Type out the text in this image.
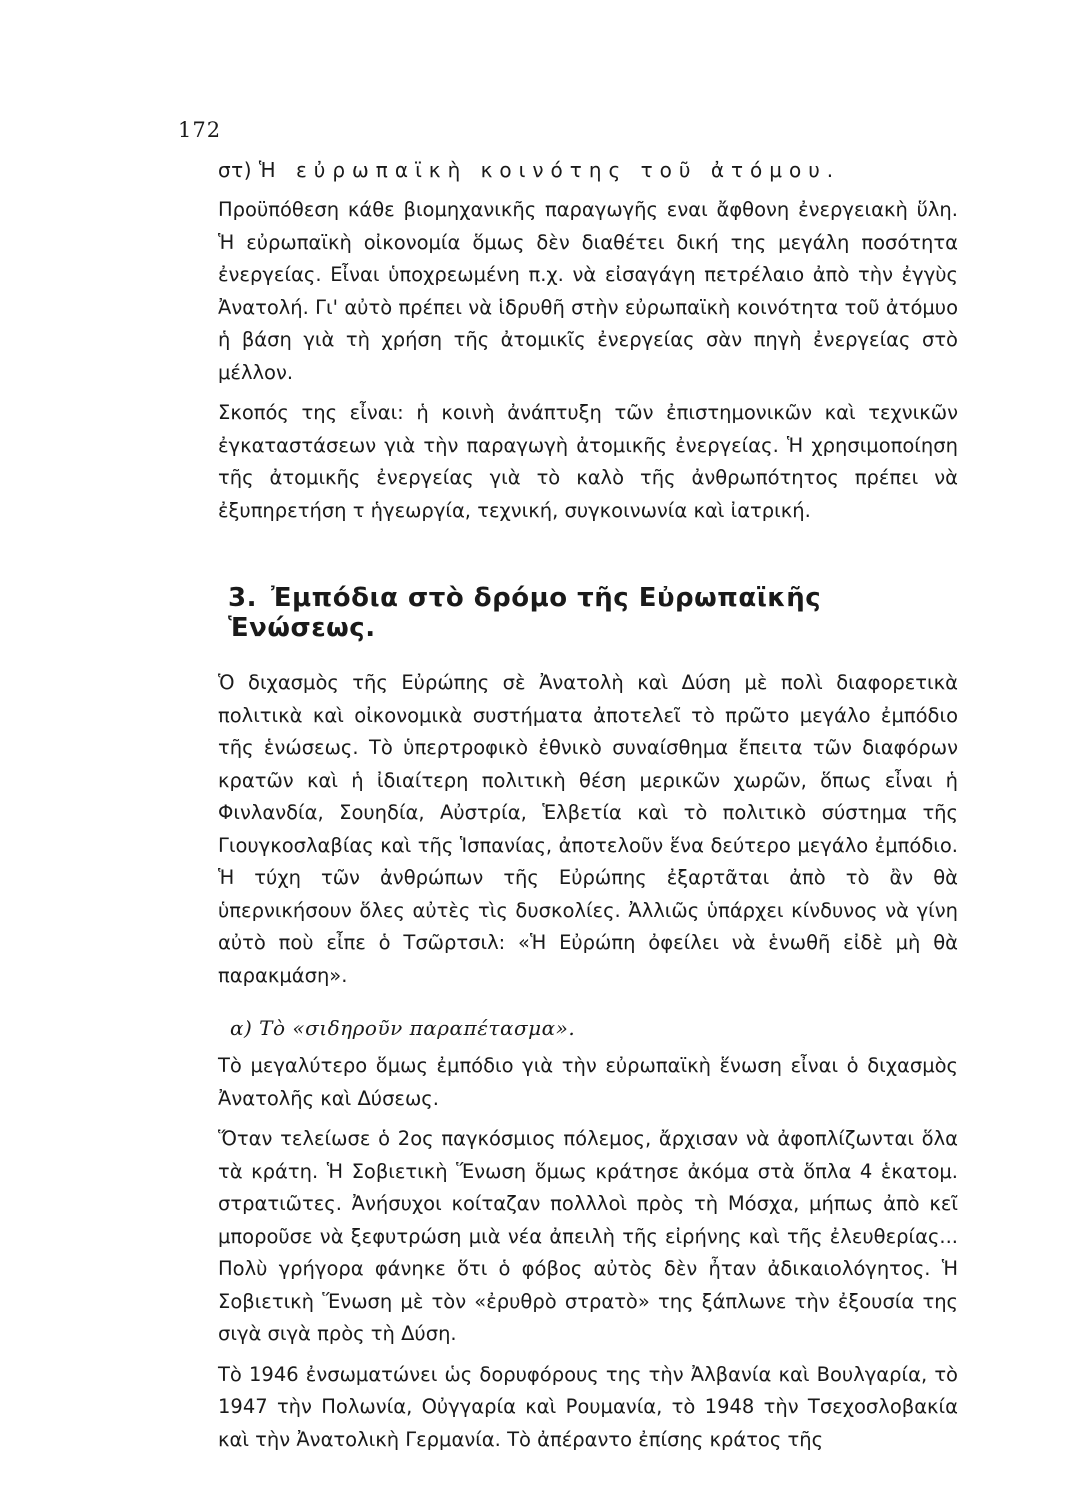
172
στ) Ἡ εὐρωπαϊκὴ κοινότης τοῦ ἀτόμου.

Προϋπόθεση κάθε βιομηχανικῆς παραγωγῆς εναι ἄφθονη ἐνεργειακὴ ὕλη. Ἡ εὐρωπαϊκὴ οἰκονομία ὅμως δὲν διαθέτει δική της μεγάλη ποσότητα ἐνεργείας. Εἶναι ὑποχρεωμένη π.χ. νὰ εἰσαγάγη πετρέλαιο ἀπὸ τὴν ἐγγὺς Ἀνατολή. Γι' αὐτὸ πρέπει νὰ ἱδρυθῆ στὴν εὐρωπαϊκὴ κοινότητα τοῦ ἀτόμυο ἡ βάση γιὰ τὴ χρήση τῆς ἀτομικῖς ἐνεργείας σὰν πηγὴ ἐνεργείας στὸ μέλλον.

Σκοπός της εἶναι: ἡ κοινὴ ἀνάπτυξη τῶν ἐπιστημονικῶν καὶ τεχνικῶν ἐγκαταστάσεων γιὰ τὴν παραγωγὴ ἀτομικῆς ἐνεργείας. Ἡ χρησιμοποίηση τῆς ἀτομικῆς ἐνεργείας γιὰ τὸ καλὸ τῆς ἀνθρωπότητος πρέπει νὰ ἐξυπηρετήση τ ἡγεωργία, τεχνική, συγκοινωνία καὶ ἰατρική.

3. Ἐμπόδια στὸ δρόμο τῆς Εὐρωπαϊκῆς Ἑνώσεως.

Ὁ διχασμὸς τῆς Εὐρώπης σὲ Ἀνατολὴ καὶ Δύση μὲ πολὶ διαφορετικὰ πολιτικὰ καὶ οἰκονομικὰ συστήματα ἀποτελεῖ τὸ πρῶτο μεγάλο ἐμπόδιο τῆς ἑνώσεως. Τὸ ὑπερτροφικὸ ἐθνικὸ συναίσθημα ἔπειτα τῶν διαφόρων κρατῶν καὶ ἡ ἰδιαίτερη πολιτικὴ θέση μερικῶν χωρῶν, ὅπως εἶναι ἡ Φινλανδία, Σουηδία, Αὐστρία, Ἑλβετία καὶ τὸ πολιτικὸ σύστημα τῆς Γιουγκοσλαβίας καὶ τῆς Ἱσπανίας, ἀποτελοῦν ἕνα δεύτερο μεγάλο ἐμπόδιο. Ἡ τύχη τῶν ἀνθρώπων τῆς Εὐρώπης ἐξαρτᾶται ἀπὸ τὸ ἂν θὰ ὑπερνικήσουν ὅλες αὐτὲς τὶς δυσκολίες. Ἀλλιῶς ὑπάρχει κίνδυνος νὰ γίνη αὐτὸ ποὺ εἶπε ὁ Τσῶρτσιλ: «Ἡ Εὐρώπη ὀφείλει νὰ ἑνωθῆ εἰδὲ μὴ θὰ παρακμάση».

α) Τὸ «σιδηροῦν παραπέτασμα».

Τὸ μεγαλύτερο ὅμως ἐμπόδιο γιὰ τὴν εὐρωπαϊκὴ ἕνωση εἶναι ὁ διχασμὸς Ἀνατολῆς καὶ Δύσεως.

Ὅταν τελείωσε ὁ 2ος παγκόσμιος πόλεμος, ἄρχισαν νὰ ἀφοπλίζωνται ὅλα τὰ κράτη. Ἡ Σοβιετικὴ Ἕνωση ὅμως κράτησε ἀκόμα στὰ ὅπλα 4 ἑκατομ. στρατιῶτες. Ἀνήσυχοι κοίταζαν πολλλοὶ πρὸς τὴ Μόσχα, μήπως ἀπὸ κεῖ μποροῦσε νὰ ξεφυτρώση μιὰ νέα ἀπειλὴ τῆς εἰρήνης καὶ τῆς ἐλευθερίας... Πολὺ γρήγορα φάνηκε ὅτι ὁ φόβος αὐτὸς δὲν ἦταν ἀδικαιολόγητος. Ἡ Σοβιετικὴ Ἕνωση μὲ τὸν «ἐρυθρὸ στρατὸ» της ξάπλωνε τὴν ἐξουσία της σιγὰ σιγὰ πρὸς τὴ Δύση.

Τὸ 1946 ἐνσωματώνει ὡς δορυφόρους της τὴν Ἀλβανία καὶ Βουλγαρία, τὸ 1947 τὴν Πολωνία, Οὐγγαρία καὶ Ρουμανία, τὸ 1948 τὴν Τσεχοσλοβακία καὶ τὴν Ἀνατολικὴ Γερμανία. Τὸ ἀπέραντο ἐπίσης κράτος τῆς
